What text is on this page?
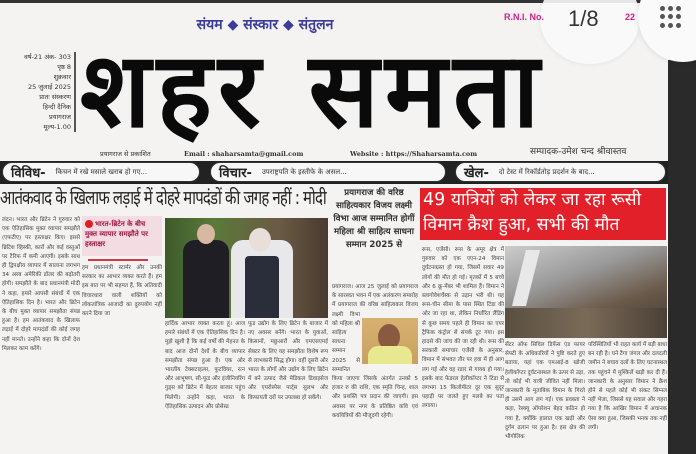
संयम ◆ संस्कार ◆ संतुलन
वर्ष-21 अंक- 303
पृष्ठ 8
शुक्रवार
25 जुलाई 2025
प्रातः संस्करण
हिन्दी दैनिक
प्रयागराज
मूल्य-1.00 शहर समता
R.N.I. No.	22
1/8
प्रयागराज से प्रकाशित	Email : shaharsamta@gmail.com	Website : https://Shaharsamta.com	सम्पादक-उमेश चन्द श्रीवास्तव
विविध- किचन में रखे मसाले खराब हो गए...	विचार- उपराष्ट्रपति के इस्तीफे के असल...	खेल- दो टेस्ट में रिकॉर्डतोड़ प्रदर्शन के बाद...
आतंकवाद के खिलाफ लड़ाई में दोहरे मापदंडों की जगह नहीं : मोदी
लंदन। भारत और ब्रिटेन ने गुरुवार को एक ऐतिहासिक मुक्त व्यापार समझौते (एफटीए) पर हस्ताक्षर किए। इससे ब्रिटिश व्हिस्की, कारों और कई वस्तुओं पर टैरिफ में कमी आएगी। इसके साथ ही द्विपक्षीय व्यापार में सालाना लगभग 34 अरब अमेरिकी डॉलर की बढ़ोतरी होगी। समझौते के बाद प्रधानमंत्री मोदी ने कहा, हमारे आपसी संबंधों में एक ऐतिहासिक दिन है। भारत और ब्रिटेन के बीच मुक्त व्यापार समझौता संपन्न हुआ है। हम आतंकवाद के खिलाफ लड़ाई में दोहरे मापदंडों की कोई जगह नहीं मानते। उन्होंने कहा कि दोनों देश मिलकर काम करेंगे।

भारत-ब्रिटेन के बीच मुक्त व्यापार समझौते पर हस्ताक्षर

हम प्रधानमंत्री स्टार्मर और उनकी सरकार का आभार व्यक्त करते हैं। हम इस बात पर भी सहमत हैं, कि अतिवादी विचारधारा वाली शक्तियों को लोकतांत्रिक आजादी का दुरुपयोग नहीं करने दिया जा
हार्दिक आभार व्यक्त करता हूं। आज हमारे संबंधों में एक ऐतिहासिक दिन है। मुझे खुशी है कि कई वर्षों की मेहनत के बाद आज दोनों देशों के बीच व्यापार समझौता संपन्न हुआ है। एक ओर भारतीय टेक्सटाइल्स, फुटवियर, रत्न और आभूषण, सी-फूड और इंजीनियरिंग गुड्स को ब्रिटेन में बेहतर बाजार पहुंच मिलेगी। उन्होंने कहा, भारत के ऐतिहासिक उत्पादन और प्रोसेस्ड
फूड उद्योग के लिए ब्रिटेन के बाजार में नए अवसर बनेंगे। भारत के युवाओं, किसानों, मछुआरों और एमएसएमई सेक्टर के लिए यह समझौता विशेष रूप से लाभकारी सिद्ध होगा। वहीं दूसरी ओर भारत के लोगों और उद्योग के लिए ब्रिटेन में बने उत्पाद जैसे मेडिकल डिवाइसेज और एयरोस्पेस पार्ट्स सुलभ और किफायती दरों पर उपलब्ध हो सकेंगे।
प्रयागराज की वरिष्ठ साहित्यकार विजय लक्ष्मी विभा आज सम्मानित होगीं महिला श्री साहित्य साधना सम्मान 2025 से
प्रयागराज। आज 25 जुलाई को प्रयागराज के सारस्वत भवन में एक अलंकरण समारोह में प्रयागराज की वरिष्ठ साहित्यकार विजय लक्ष्मी विभा को महिला श्री साहित्य साधना सम्मान 2025 से सम्मानित किया जाएगा जिसके अंतर्गत उनको 5 हजार रु की राशि, एक स्मृति चिन्ह, शाल और प्रशस्ति पत्र प्रदान की जाएगी। इस अवसर पर नगर के प्रतिष्ठित कवि एवं कवयित्रियों की मौजूदगी रहेगी।
49 यात्रियों को लेकर जा रहा रूसी
विमान क्रैश हुआ, सभी की मौत
रूस, एजेंसी। रूस के अमूर क्षेत्र में गुरुवार को एक एएन-24 विमान दुर्घटनाग्रस्त हो गया, जिसमें सवार 49 लोगों की मौत हो गई। मृतकों में 5 बच्चे और 6 क्रू-मेंबर भी शामिल हैं। विमान ने ब्लागोवेशचेंस्क से उड़ान भरी थी। यह रूस-चीन सीमा के पास स्थित टिंडा की ओर जा रहा था, लेकिन निर्धारित लैंडिंग से कुछ समय पहले ही विमान का एयर ट्रैफिक कंट्रोल से संपर्क टूट गया। इस हादसे की जांच की जा रही थी। रूस की सरकारी समाचार एजेंसी के अनुसार, विमान में संभवत तौर पर हवा में ही आग लग गई और वह रडार से गायब हो गया। इसके बाद फेडरल हेलीकॉप्टर ने टिंडा से लगभग 15 किलोमीटर दूर एक सुदूर पहाड़ी पर जलते हुए मलबे का पता लगाया।
सेंटर ऑफ सिविल डिफेंस एंड फायर सेफ्टी के अधिकारियों ने पुष्टि करते हुए बताया, यहां एक एमआई-8 खोजी हेलीकॉप्टर दुर्घटनास्थल के ऊपर से उड़ा, तो कोई भी यात्री जीवित नहीं मिला। जानकारी के मुताबिक विमान के गिरते ही उसमें आग लग गई। एक प्रवक्ता ने कहा, रेस्क्यू ऑपरेशन बेहद कठिन हो गया है, क्योंकि हालात एक खड़ी और दुर्गम ढलान पर हुआ है। इस क्षेत्र की भौगोलिक
परिस्थितियों भी राहत कार्य में बड़ी बाधा बन रही है। घने टैगा जंगल और दलदली जमीन ने बचाव दलों के लिए घटनास्थल तक पहुंचने में मुश्किलें खड़ी कर दी हैं। जानकारी के अनुसार विमान ने क्रैश होने से पहले कोई भी संकट सिग्नल नहीं भेजा, जिससे यह सवाल और गहरा गया है कि आखिर विमान में अचानक ऐसा क्या हुआ, जिसकी भनक तक नहीं लगी।
